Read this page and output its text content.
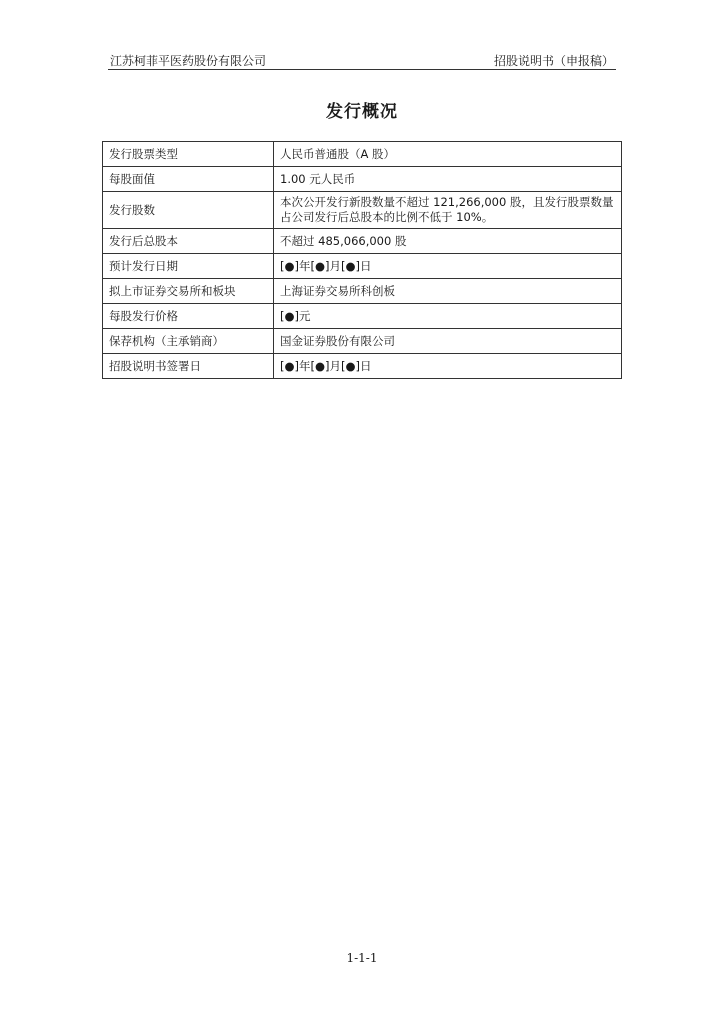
江苏柯菲平医药股份有限公司	招股说明书（申报稿）
发行概况
发行股票类型	人民币普通股（A 股）
每股面值	1.00 元人民币
发行股数	本次公开发行新股数量不超过 121,266,000 股，且发行股票数量占公司发行后总股本的比例不低于 10%。
发行后总股本	不超过 485,066,000 股
预计发行日期	[●]年[●]月[●]日
拟上市证券交易所和板块	上海证券交易所科创板
每股发行价格	[●]元
保荐机构（主承销商）	国金证券股份有限公司
招股说明书签署日	[●]年[●]月[●]日
1-1-1
